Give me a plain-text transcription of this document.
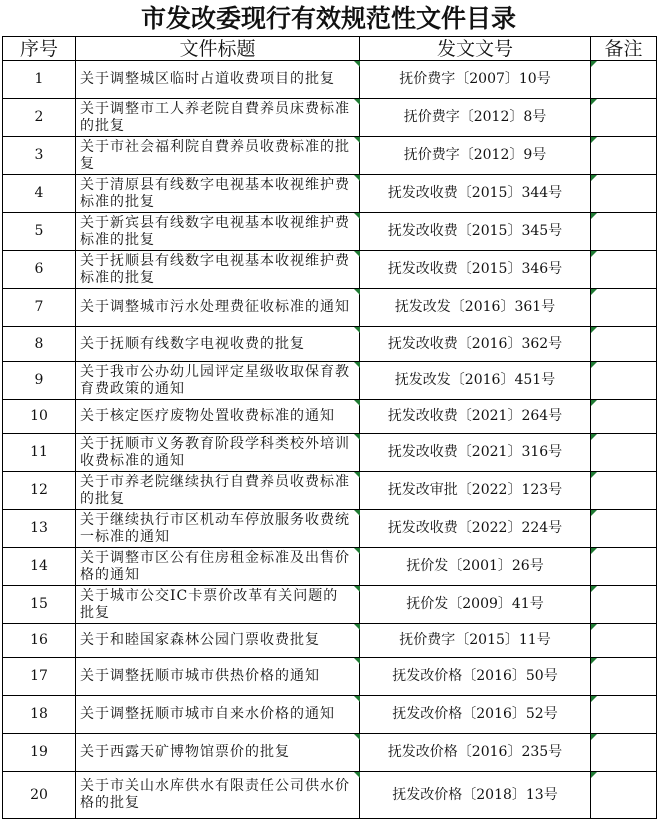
市发改委现行有效规范性文件目录
序号	文件标题	发文文号	备注
1	关于调整城区临时占道收费项目的批复	抚价费字〔2007〕10号	

2	关于调整市工人养老院自費养员床费标准的批复	抚价费字〔2012〕8号	

3	关于市社会福利院自費养员收费标准的批复	抚价费字〔2012〕9号	

4	关于清原县有线数字电视基本收视维护费标准的批复	抚发改收费〔2015〕344号	

5	关于新宾县有线数字电视基本收视维护费标准的批复	抚发改收费〔2015〕345号	

6	关于抚顺县有线数字电视基本收视维护费标准的批复	抚发改收费〔2015〕346号	

7	关于调整城市污水处理费征收标准的通知	抚发改发〔2016〕361号	

8	关于抚顺有线数字电视收费的批复	抚发改收费〔2016〕362号	

9	关于我市公办幼儿园评定星级收取保育教育费政策的通知	抚发改发〔2016〕451号	

10	关于核定医疗废物处置收费标准的通知	抚发改收费〔2021〕264号	

11	关于抚顺市义务教育阶段学科类校外培训收费标准的通知	抚发改收费〔2021〕316号	

12	关于市养老院继续执行自費养员收费标准的批复	抚发改审批〔2022〕123号	

13	关于继续执行市区机动车停放服务收费统一标准的通知	抚发改收费〔2022〕224号	

14	关于调整市区公有住房租金标准及出售价格的通知	抚价发〔2001〕26号	

15	关于城市公交IC卡票价改革有关问题的批复	抚价发〔2009〕41号	

16	关于和睦国家森林公园门票收费批复	抚价费字〔2015〕11号	

17	关于调整抚顺市城市供热价格的通知	抚发改价格〔2016〕50号	

18	关于调整抚顺市城市自来水价格的通知	抚发改价格〔2016〕52号	

19	关于西露天矿博物馆票价的批复	抚发改价格〔2016〕235号	

20	关于市关山水库供水有限责任公司供水价格的批复	抚发改价格〔2018〕13号	
